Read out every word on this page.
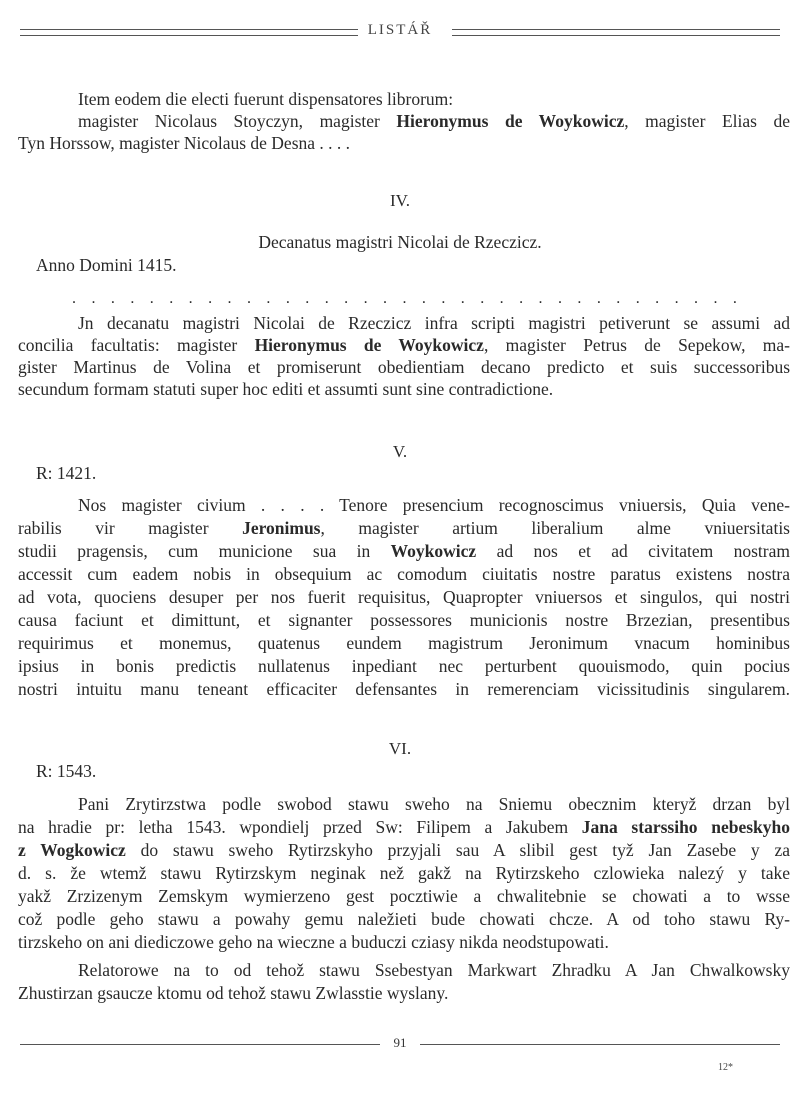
LISTÁŘ
Item eodem die electi fuerunt dispensatores librorum:
magister Nicolaus Stoyczyn, magister Hieronymus de Woykowicz, magister Elias de
Tyn Horssow, magister Nicolaus de Desna . . . .
IV.
Decanatus magistri Nicolai de Rzeczicz.
Anno Domini 1415.
. . . . . . . . . . . . . . . . . . . . . . . . . . . . . . . . . . .
Jn decanatu magistri Nicolai de Rzeczicz infra scripti magistri petiverunt se assumi ad
concilia facultatis: magister Hieronymus de Woykowicz, magister Petrus de Sepekow, ma-
gister Martinus de Volina et promiserunt obedientiam decano predicto et suis successoribus
secundum formam statuti super hoc editi et assumti sunt sine contradictione.
V.
R: 1421.
Nos magister civium . . . . Tenore presencium recognoscimus vniuersis, Quia vene-
rabilis vir magister Jeronimus, magister artium liberalium alme vniuersitatis
studii pragensis, cum municione sua in Woykowicz ad nos et ad civitatem nostram
accessit cum eadem nobis in obsequium ac comodum ciuitatis nostre paratus existens nostra
ad vota, quociens desuper per nos fuerit requisitus, Quapropter vniuersos et singulos, qui nostri
causa faciunt et dimittunt, et signanter possessores municionis nostre Brzezian, presentibus
requirimus et monemus, quatenus eundem magistrum Jeronimum vnacum hominibus
ipsius in bonis predictis nullatenus inpediant nec perturbent quouismodo, quin pocius
nostri intuitu manu teneant efficaciter defensantes in remerenciam vicissitudinis singularem.
VI.
R: 1543.
Pani Zrytirzstwa podle swobod stawu sweho na Sniemu obecznim kteryž drzan byl
na hradie pr: letha 1543. wpondielj przed Sw: Filipem a Jakubem Jana starssiho nebeskyho
z Wogkowicz do stawu sweho Rytirzskyho przyjali sau A slibil gest tyž Jan Zasebe y za
d. s. že wtemž stawu Rytirzskym neginak než gakž na Rytirzskeho czlowieka nalezý y take
yakž Zrzizenym Zemskym wymierzeno gest pocztiwie a chwalitebnie se chowati a to wsse
což podle geho stawu a powahy gemu naležieti bude chowati chcze. A od toho stawu Ry-
tirzskeho on ani diediczowe geho na wieczne a buduczi cziasy nikda neodstupowati.
Relatorowe na to od tehož stawu Ssebestyan Markwart Zhradku A Jan Chwalkowsky
Zhustirzan gsaucze ktomu od tehož stawu Zwlasstie wyslany.
91
12*
